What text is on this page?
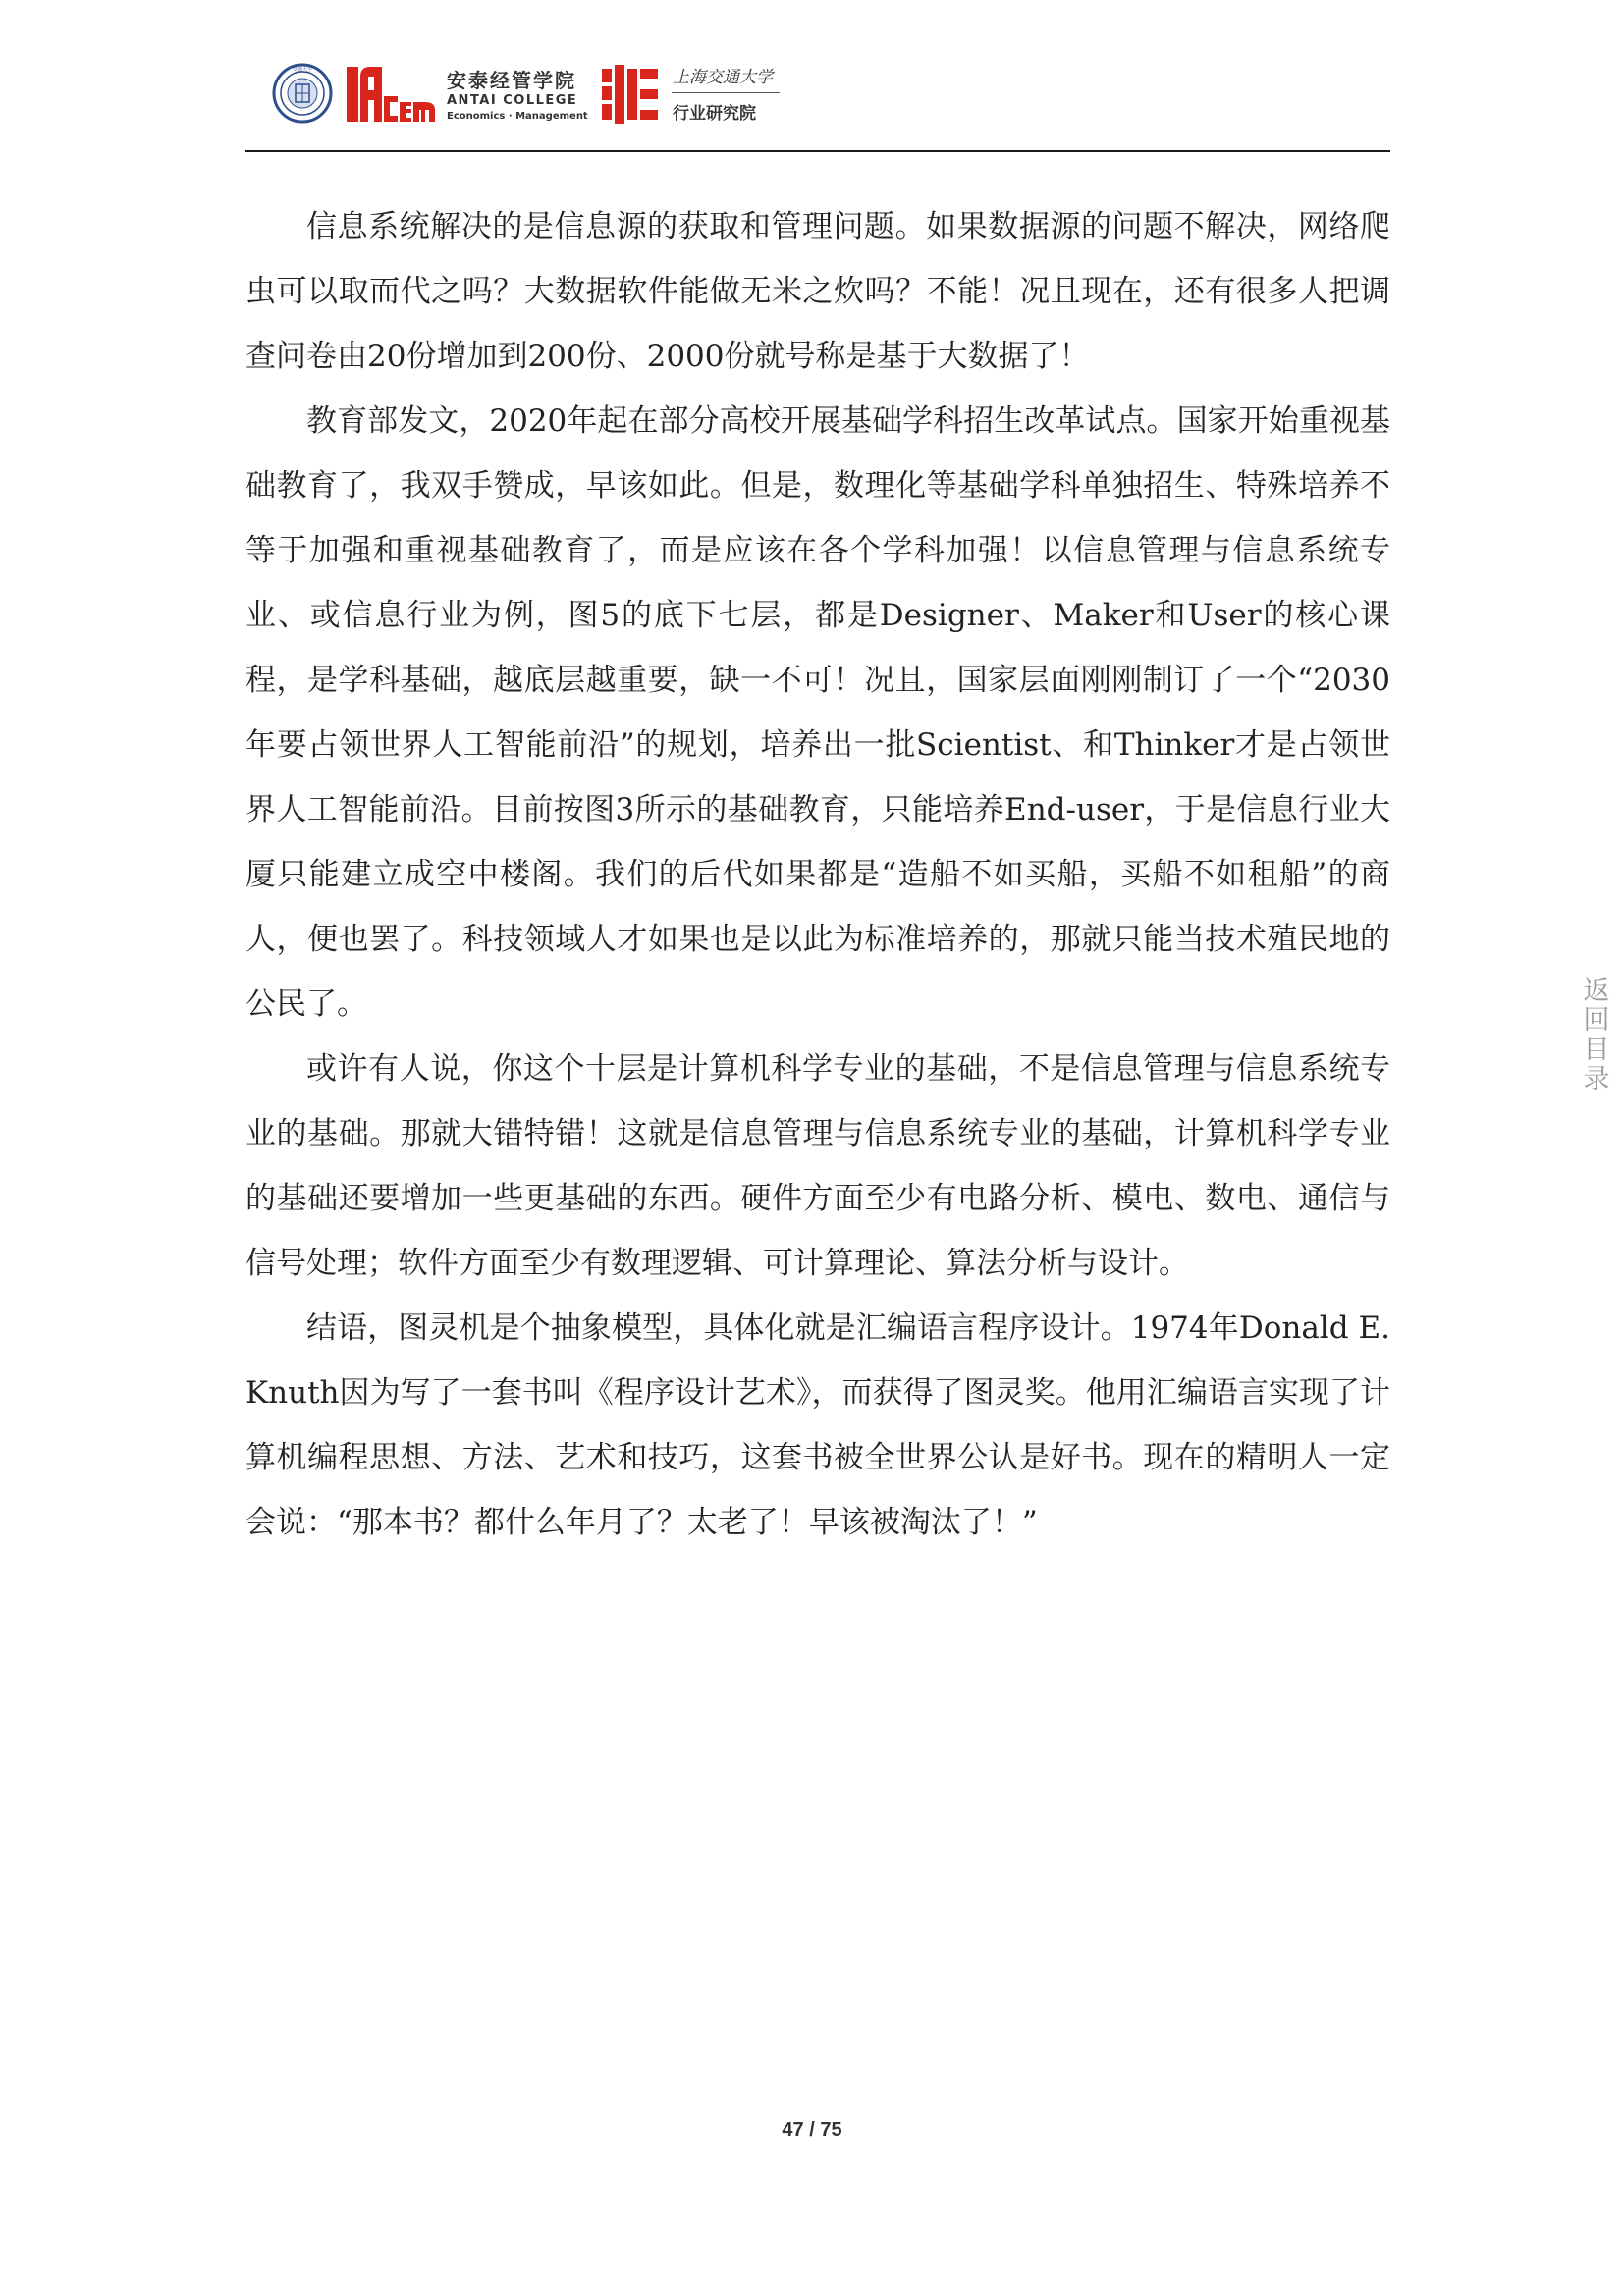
交通大学
ACEM
安泰经管学院
ANTAI COLLEGE
Economics · Management
上海交通大学
行业研究院

信息系统解决的是信息源的获取和管理问题。如果数据源的问题不解决，网络爬虫可以取而代之吗？大数据软件能做无米之炊吗？不能！况且现在，还有很多人把调查问卷由20份增加到200份、2000份就号称是基于大数据了！

教育部发文，2020年起在部分高校开展基础学科招生改革试点。国家开始重视基础教育了，我双手赞成，早该如此。但是，数理化等基础学科单独招生、特殊培养不等于加强和重视基础教育了，而是应该在各个学科加强！以信息管理与信息系统专业、或信息行业为例，图5的底下七层，都是Designer、Maker和User的核心课程，是学科基础，越底层越重要，缺一不可！况且，国家层面刚刚制订了一个“2030年要占领世界人工智能前沿”的规划，培养出一批Scientist、和Thinker才是占领世界人工智能前沿。目前按图3所示的基础教育，只能培养End-user，于是信息行业大厦只能建立成空中楼阁。我们的后代如果都是“造船不如买船，买船不如租船”的商人，便也罢了。科技领域人才如果也是以此为标准培养的，那就只能当技术殖民地的公民了。

或许有人说，你这个十层是计算机科学专业的基础，不是信息管理与信息系统专业的基础。那就大错特错！这就是信息管理与信息系统专业的基础，计算机科学专业的基础还要增加一些更基础的东西。硬件方面至少有电路分析、模电、数电、通信与信号处理；软件方面至少有数理逻辑、可计算理论、算法分析与设计。

结语，图灵机是个抽象模型，具体化就是汇编语言程序设计。1974年Donald E. Knuth因为写了一套书叫《程序设计艺术》，而获得了图灵奖。他用汇编语言实现了计算机编程思想、方法、艺术和技巧，这套书被全世界公认是好书。现在的精明人一定会说：“那本书？都什么年月了？太老了！早该被淘汰了！”

返
回
目
录
47 / 75
